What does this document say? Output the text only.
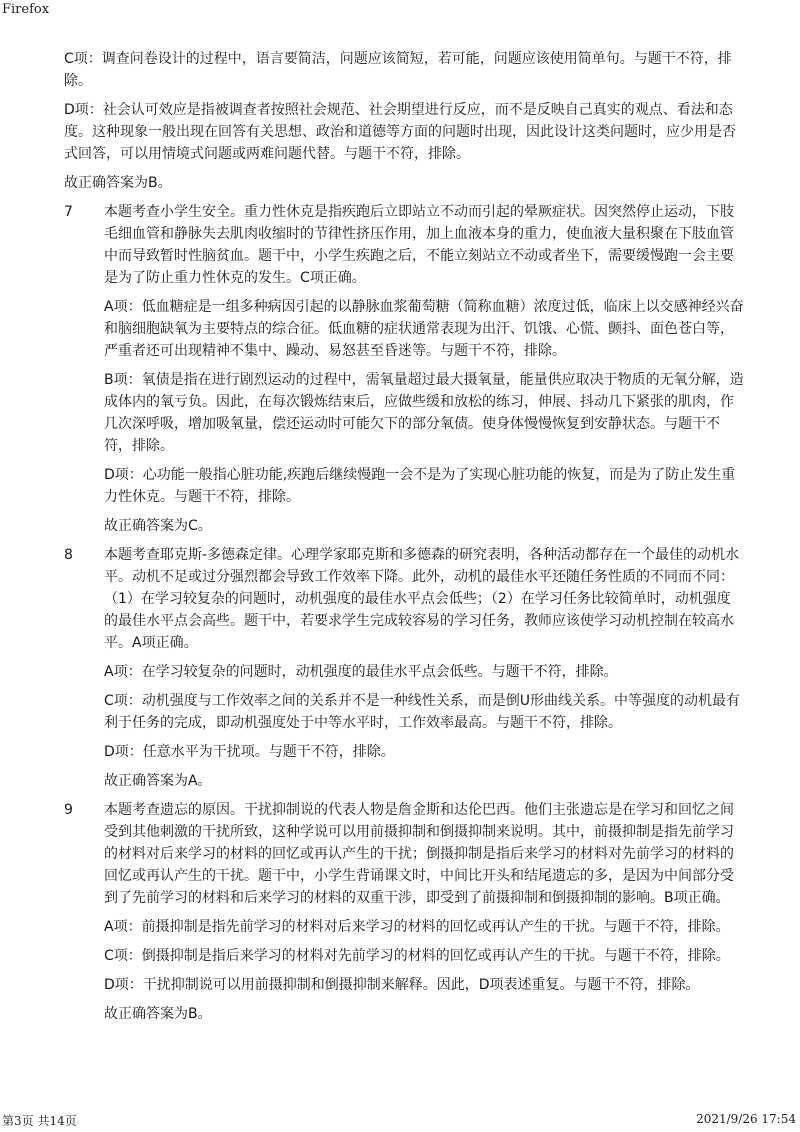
Firefox

C项：调查问卷设计的过程中，语言要简洁，问题应该简短，若可能，问题应该使用简单句。与题干不符，排除。

D项：社会认可效应是指被调查者按照社会规范、社会期望进行反应，而不是反映自己真实的观点、看法和态度。这种现象一般出现在回答有关思想、政治和道德等方面的问题时出现，因此设计这类问题时，应少用是否式回答，可以用情境式问题或两难问题代替。与题干不符，排除。

故正确答案为B。

7 本题考查小学生安全。重力性休克是指疾跑后立即站立不动而引起的晕厥症状。因突然停止运动，下肢毛细血管和静脉失去肌肉收缩时的节律性挤压作用，加上血液本身的重力，使血液大量积聚在下肢血管中而导致暂时性脑贫血。题干中，小学生疾跑之后，不能立刻站立不动或者坐下，需要缓慢跑一会主要是为了防止重力性休克的发生。C项正确。

A项：低血糖症是一组多种病因引起的以静脉血浆葡萄糖（简称血糖）浓度过低，临床上以交感神经兴奋和脑细胞缺氧为主要特点的综合征。低血糖的症状通常表现为出汗、饥饿、心慌、颤抖、面色苍白等，严重者还可出现精神不集中、躁动、易怒甚至昏迷等。与题干不符，排除。

B项：氧债是指在进行剧烈运动的过程中，需氧量超过最大摄氧量，能量供应取决于物质的无氧分解，造成体内的氧亏负。因此，在每次锻炼结束后，应做些缓和放松的练习，伸展、抖动几下紧张的肌肉，作几次深呼吸，增加吸氧量，偿还运动时可能欠下的部分氧债。使身体慢慢恢复到安静状态。与题干不符，排除。

D项：心功能一般指心脏功能,疾跑后继续慢跑一会不是为了实现心脏功能的恢复，而是为了防止发生重力性休克。与题干不符，排除。

故正确答案为C。

8 本题考查耶克斯-多德森定律。心理学家耶克斯和多德森的研究表明，各种活动都存在一个最佳的动机水平。动机不足或过分强烈都会导致工作效率下降。此外，动机的最佳水平还随任务性质的不同而不同：（1）在学习较复杂的问题时，动机强度的最佳水平点会低些；（2）在学习任务比较简单时，动机强度的最佳水平点会高些。题干中，若要求学生完成较容易的学习任务，教师应该使学习动机控制在较高水平。A项正确。

A项：在学习较复杂的问题时，动机强度的最佳水平点会低些。与题干不符，排除。

C项：动机强度与工作效率之间的关系并不是一种线性关系，而是倒U形曲线关系。中等强度的动机最有利于任务的完成，即动机强度处于中等水平时，工作效率最高。与题干不符，排除。

D项：任意水平为干扰项。与题干不符，排除。

故正确答案为A。

9 本题考查遗忘的原因。干扰抑制说的代表人物是詹金斯和达伦巴西。他们主张遗忘是在学习和回忆之间受到其他刺激的干扰所致，这种学说可以用前摄抑制和倒摄抑制来说明。其中，前摄抑制是指先前学习的材料对后来学习的材料的回忆或再认产生的干扰；倒摄抑制是指后来学习的材料对先前学习的材料的回忆或再认产生的干扰。题干中，小学生背诵课文时，中间比开头和结尾遗忘的多，是因为中间部分受到了先前学习的材料和后来学习的材料的双重干涉，即受到了前摄抑制和倒摄抑制的影响。B项正确。

A项：前摄抑制是指先前学习的材料对后来学习的材料的回忆或再认产生的干扰。与题干不符，排除。

C项：倒摄抑制是指后来学习的材料对先前学习的材料的回忆或再认产生的干扰。与题干不符，排除。

D项：干扰抑制说可以用前摄抑制和倒摄抑制来解释。因此，D项表述重复。与题干不符，排除。

故正确答案为B。

第3页 共14页	2021/9/26 17:54
